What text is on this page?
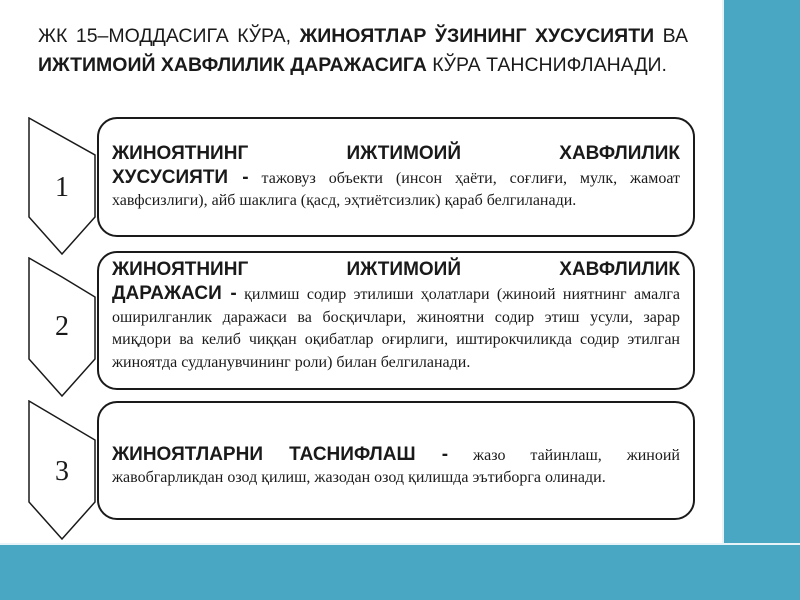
ЖК 15–МОДДАСИГА КЎРА, ЖИНОЯТЛАР ЎЗИНИНГ ХУСУСИЯТИ ВА ИЖТИМОИЙ ХАВФЛИЛИК ДАРАЖАСИГА КЎРА ТАНСНИФЛАНАДИ.

1

ЖИНОЯТНИНГ ИЖТИМОИЙ ХАВФЛИЛИК
ХУСУСИЯТИ - тажовуз объекти (инсон ҳаёти, соғлиғи, мулк, жамоат хавфсизлиги), айб шаклига (қасд, эҳтиётсизлик) қараб белгиланади.

2

ЖИНОЯТНИНГ ИЖТИМОИЙ ХАВФЛИЛИК
ДАРАЖАСИ - қилмиш содир этилиши ҳолатлари (жиноий ниятнинг амалга оширилганлик даражаси ва босқичлари, жиноятни содир этиш усули, зарар миқдори ва келиб чиққан оқибатлар оғирлиги, иштирокчиликда содир этилган жиноятда судланувчининг роли) билан белгиланади.

3

ЖИНОЯТЛАРНИ ТАСНИФЛАШ - жазо тайинлаш, жиноий жавобгарликдан озод қилиш, жазодан озод қилишда эътиборга олинади.
